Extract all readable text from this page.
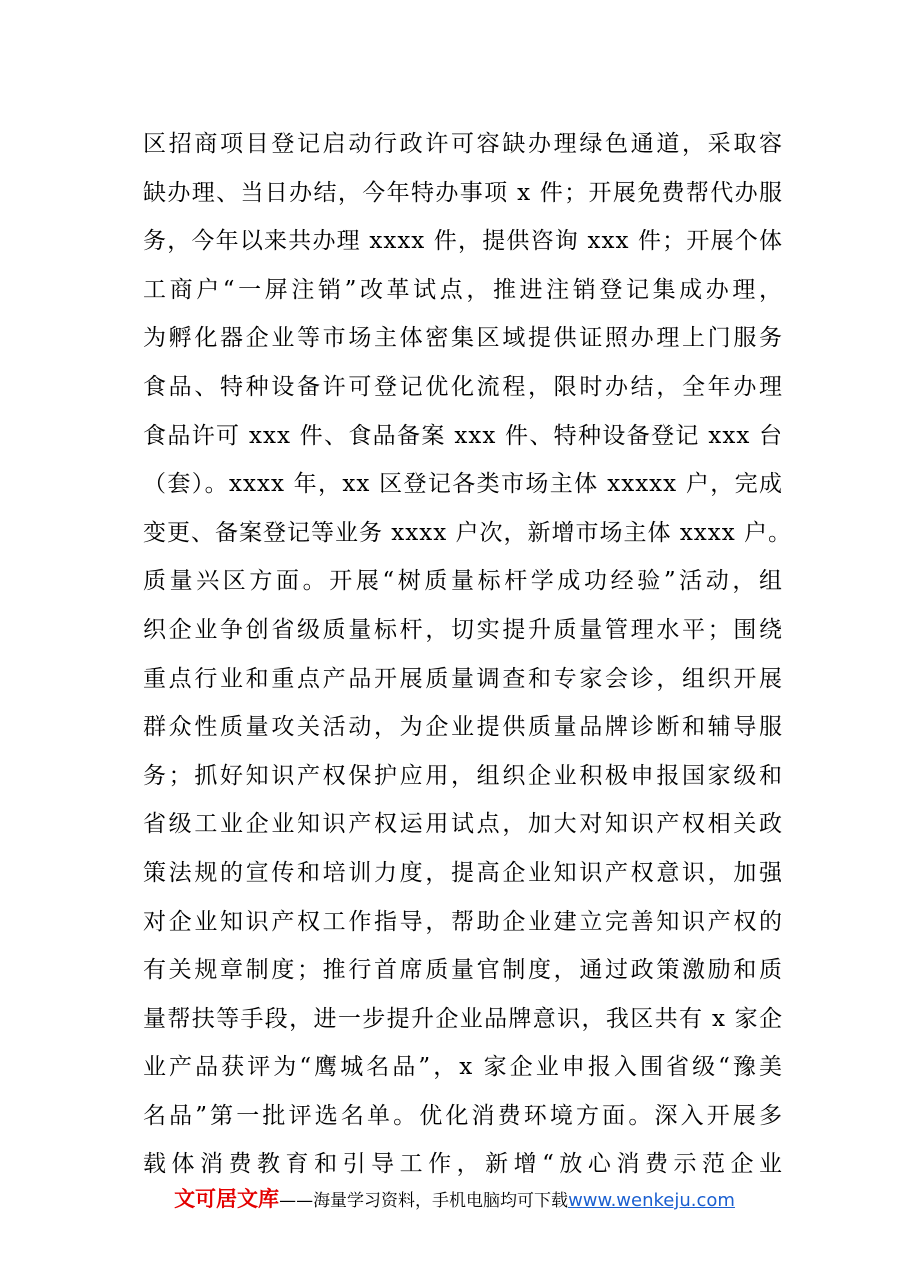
区招商项目登记启动行政许可容缺办理绿色通道，采取容
缺办理、当日办结，今年特办事项 x 件；开展免费帮代办服
务，今年以来共办理 xxxx 件，提供咨询 xxx 件；开展个体
工商户“一屏注销”改革试点，推进注销登记集成办理，
为孵化器企业等市场主体密集区域提供证照办理上门服务
食品、特种设备许可登记优化流程，限时办结，全年办理
食品许可 xxx 件、食品备案 xxx 件、特种设备登记 xxx 台
（套）。xxxx 年，xx 区登记各类市场主体 xxxxx 户，完成
变更、备案登记等业务 xxxx 户次，新增市场主体 xxxx 户。
质量兴区方面。开展“树质量标杆学成功经验”活动，组
织企业争创省级质量标杆，切实提升质量管理水平；围绕
重点行业和重点产品开展质量调查和专家会诊，组织开展
群众性质量攻关活动，为企业提供质量品牌诊断和辅导服
务；抓好知识产权保护应用，组织企业积极申报国家级和
省级工业企业知识产权运用试点，加大对知识产权相关政
策法规的宣传和培训力度，提高企业知识产权意识，加强
对企业知识产权工作指导，帮助企业建立完善知识产权的
有关规章制度；推行首席质量官制度，通过政策激励和质
量帮扶等手段，进一步提升企业品牌意识，我区共有 x 家企
业产品获评为“鹰城名品”，x 家企业申报入围省级“豫美
名品”第一批评选名单。优化消费环境方面。深入开展多
载体消费教育和引导工作，新增“放心消费示范企业
文可居文库——海量学习资料，手机电脑均可下载www.wenkeju.com
